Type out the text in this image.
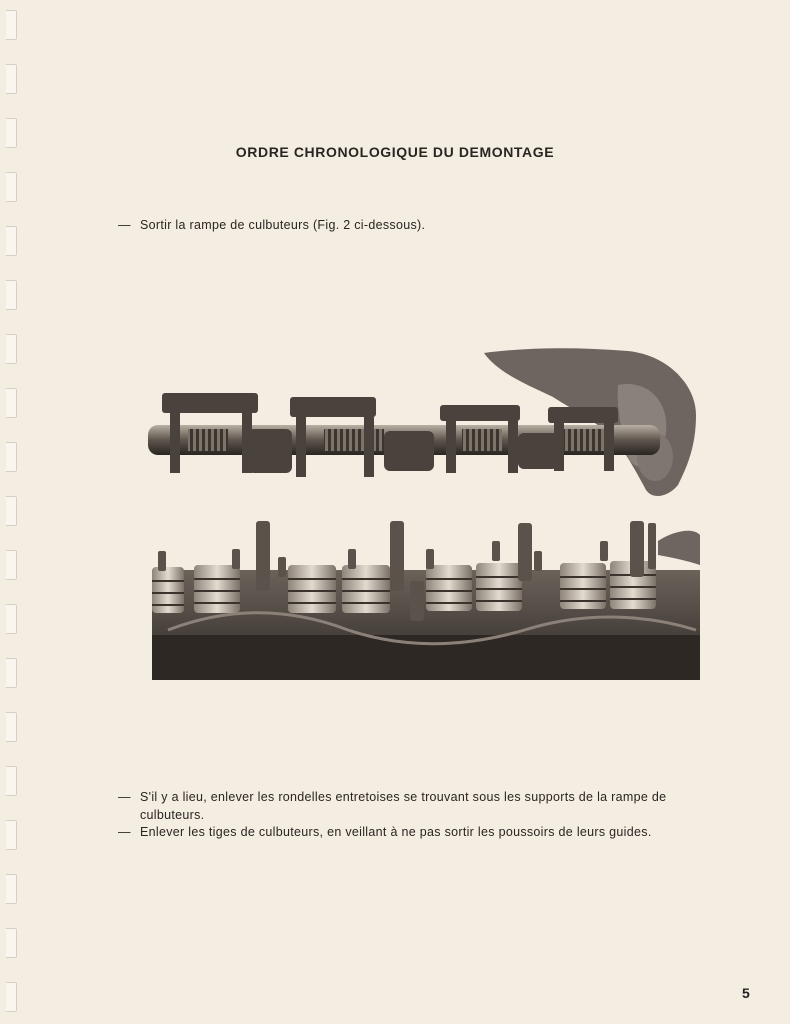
ORDRE CHRONOLOGIQUE DU DEMONTAGE
— Sortir la rampe de culbuteurs (Fig. 2 ci-dessous).
— S'il y a lieu, enlever les rondelles entretoises se trouvant sous les supports de la rampe de
culbuteurs.
— Enlever les tiges de culbuteurs, en veillant à ne pas sortir les poussoirs de leurs guides.
5
